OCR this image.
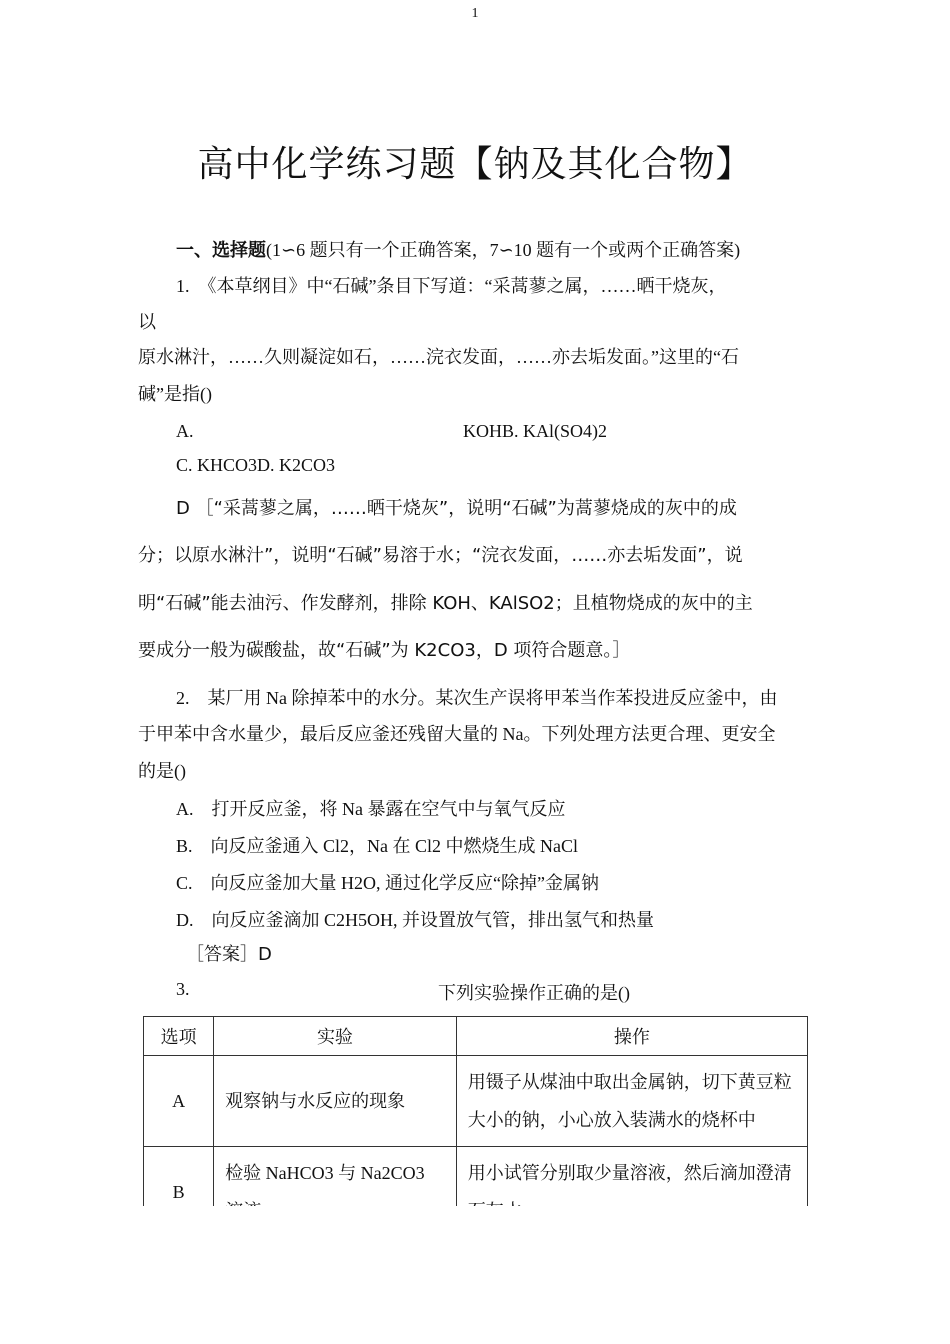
1
高中化学练习题【钠及其化合物】
一、选择题(1∽6 题只有一个正确答案，7∽10 题有一个或两个正确答案)
1.　《本草纲目》中“石碱”条目下写道：“采蒿蓼之属，……晒干烧灰，
以
原水淋汁，……久则凝淀如石，……浣衣发面，……亦去垢发面。”这里的“石
碱”是指()
A.	KOHB. KAl(SO4)2
C. KHCO3D. K2CO3
D ［“采蒿蓼之属，……晒干烧灰”，说明“石碱”为蒿蓼烧成的灰中的成
分；以原水淋汁”，说明“石碱”易溶于水；“浣衣发面，……亦去垢发面”，说
明“石碱”能去油污、作发酵剂，排除 KOH、KAlSO2；且植物烧成的灰中的主
要成分一般为碳酸盐，故“石碱”为 K2CO3，D 项符合题意。］
2.　某厂用 Na 除掉苯中的水分。某次生产误将甲苯当作苯投进反应釜中，由
于甲苯中含水量少，最后反应釜还残留大量的 Na。下列处理方法更合理、更安全
的是()
A.　打开反应釜，将 Na 暴露在空气中与氧气反应
B.　向反应釜通入 Cl2，Na 在 Cl2 中燃烧生成 NaCl
C.　向反应釜加大量 H2O, 通过化学反应“除掉”金属钠
D.　向反应釜滴加 C2H5OH, 并设置放气管，排出氢气和热量
［答案］D
3.	下列实验操作正确的是()
选项	实验	操作
A	观察钠与水反应的现象	用镊子从煤油中取出金属钠，切下黄豆粒大小的钠，小心放入装满水的烧杯中

B	检验 NaHCO3 与 Na2CO3	用小试管分别取少量溶液，然后滴加澄清
